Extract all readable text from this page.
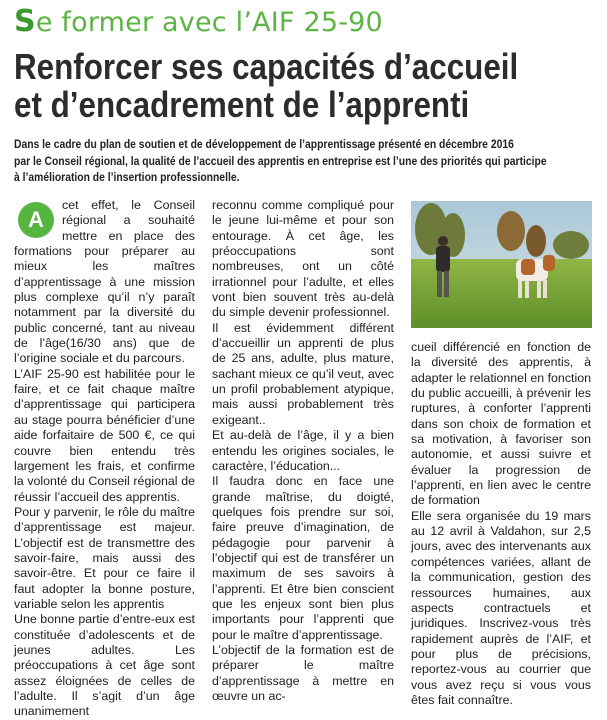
Se former avec l’AIF 25-90
Renforcer ses capacités d’accueil
et d’encadrement de l’apprenti
Dans le cadre du plan de soutien et de développement de l’apprentissage présenté en décembre 2016
par le Conseil régional, la qualité de l’accueil des apprentis en entreprise est l’une des priorités qui participe
à l’amélioration de l’insertion professionnelle.
A

cet effet, le Conseil régional a souhaité mettre en place des formations pour préparer au mieux les maîtres d’apprentissage à une mission plus complexe qu’il n’y paraît notamment par la diversité du public concerné, tant au niveau de l’âge(16/30 ans) que de l’origine sociale et du parcours.

L’AIF 25-90 est habilitée pour le faire, et ce fait chaque maître d’apprentissage qui participera au stage pourra bénéficier d’une aide forfaitaire de 500 €, ce qui couvre bien entendu très largement les frais, et confirme la volonté du Conseil régional de réussir l’accueil des apprentis.

Pour y parvenir, le rôle du maître d’apprentissage est majeur. L’objectif est de transmettre des savoir-faire, mais aussi des savoir-être. Et pour ce faire il faut adopter la bonne posture, variable selon les apprentis

Une bonne partie d’entre-eux est constituée d’adolescents et de jeunes adultes. Les préoccupations à cet âge sont assez éloignées de celles de l’adulte. Il s’agit d’un âge unanimement

reconnu comme compliqué pour le jeune lui-même et pour son entourage. À cet âge, les préoccupations sont nombreuses, ont un côté irrationnel pour l’adulte, et elles vont bien souvent très au-delà du simple devenir professionnel.

Il est évidemment différent d’accueillir un apprenti de plus de 25 ans, adulte, plus mature, sachant mieux ce qu’il veut, avec un profil probablement atypique, mais aussi probablement très exigeant..

Et au-delà de l’âge, il y a bien entendu les origines sociales, le caractère, l’éducation...

Il faudra donc en face une grande maîtrise, du doigté, quelques fois prendre sur soi, faire preuve d’imagination, de pédagogie pour parvenir à l’objectif qui est de transférer un maximum de ses savoirs à l’apprenti. Et être bien conscient que les enjeux sont bien plus importants pour l’apprenti que pour le maître d’apprentissage.

L’objectif de la formation est de préparer le maître d’apprentissage à mettre en œuvre un ac-

cueil différencié en fonction de la diversité des apprentis, à adapter le relationnel en fonction du public accueilli, à prévenir les ruptures, à conforter l’apprenti dans son choix de formation et sa motivation, à favoriser son autonomie, et aussi suivre et évaluer la progression de l’apprenti, en lien avec le centre de formation

Elle sera organisée du 19 mars au 12 avril à Valdahon, sur 2,5 jours, avec des intervenants aux compétences variées, allant de la communication, gestion des ressources humaines, aux aspects contractuels et juridiques. Inscrivez-vous très rapidement auprès de l’AIF, et pour plus de précisions, reportez-vous au courrier que vous avez reçu si vous vous êtes fait connaître.
